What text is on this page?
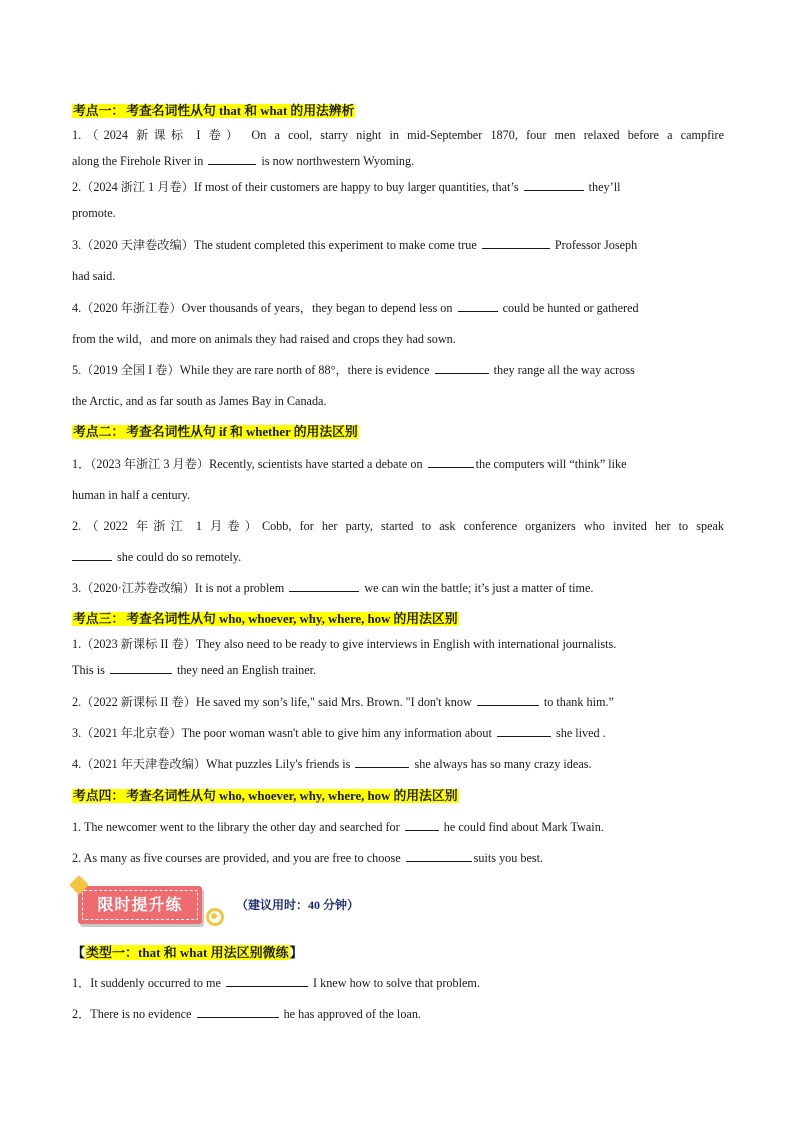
考点一： 考查名词性从句 that 和 what 的用法辨析
1.（2024 新课标 I 卷） On a cool, starry night in mid-September 1870, four men relaxed before a campfire
along the Firehole River in	is now northwestern Wyoming.
2.（2024 浙江 1 月卷）If most of their customers are happy to buy larger quantities, that’s	they’ll
promote.
3.（2020 天津卷改编）The student completed this experiment to make come true	Professor Joseph
had said.
4.（2020 年浙江卷）Over thousands of years，they began to depend less on	could be hunted or gathered
from the wild，and more on animals they had raised and crops they had sown.
5.（2019 全国 I 卷）While they are rare north of 88°，there is evidence	they range all the way across
the Arctic, and as far south as James Bay in Canada.
考点二： 考查名词性从句 if 和 whether 的用法区别
1．（2023 年浙江 3 月卷）Recently, scientists have started a debate on	the computers will “think” like
human in half a century.
2.（2022 年浙江 1 月卷）Cobb, for her party, started to ask conference organizers who invited her to speak
she could do so remotely.
3.（2020·江苏卷改编）It is not a problem	we can win the battle; it’s just a matter of time.
考点三： 考查名词性从句 who, whoever, why, where, how 的用法区别
1.（2023 新课标 II 卷）They also need to be ready to give interviews in English with international journalists.
This is	they need an English trainer.
2.（2022 新课标 II 卷）He saved my son’s life," said Mrs. Brown. "I don't know	to thank him.”
3.（2021 年北京卷）The poor woman wasn't able to give him any information about	she lived .
4.（2021 年天津卷改编）What puzzles Lily's friends is	she always has so many crazy ideas.
考点四： 考查名词性从句 who, whoever, why, where, how 的用法区别
1. The newcomer went to the library the other day and searched for	he could find about Mark Twain.
2. As many as five courses are provided, and you are free to choose	suits you best.
限时提升练	（建议用时：40 分钟）
【类型一：that 和 what 用法区别微练】
1．It suddenly occurred to me	I knew how to solve that problem.
2．There is no evidence	he has approved of the loan.
